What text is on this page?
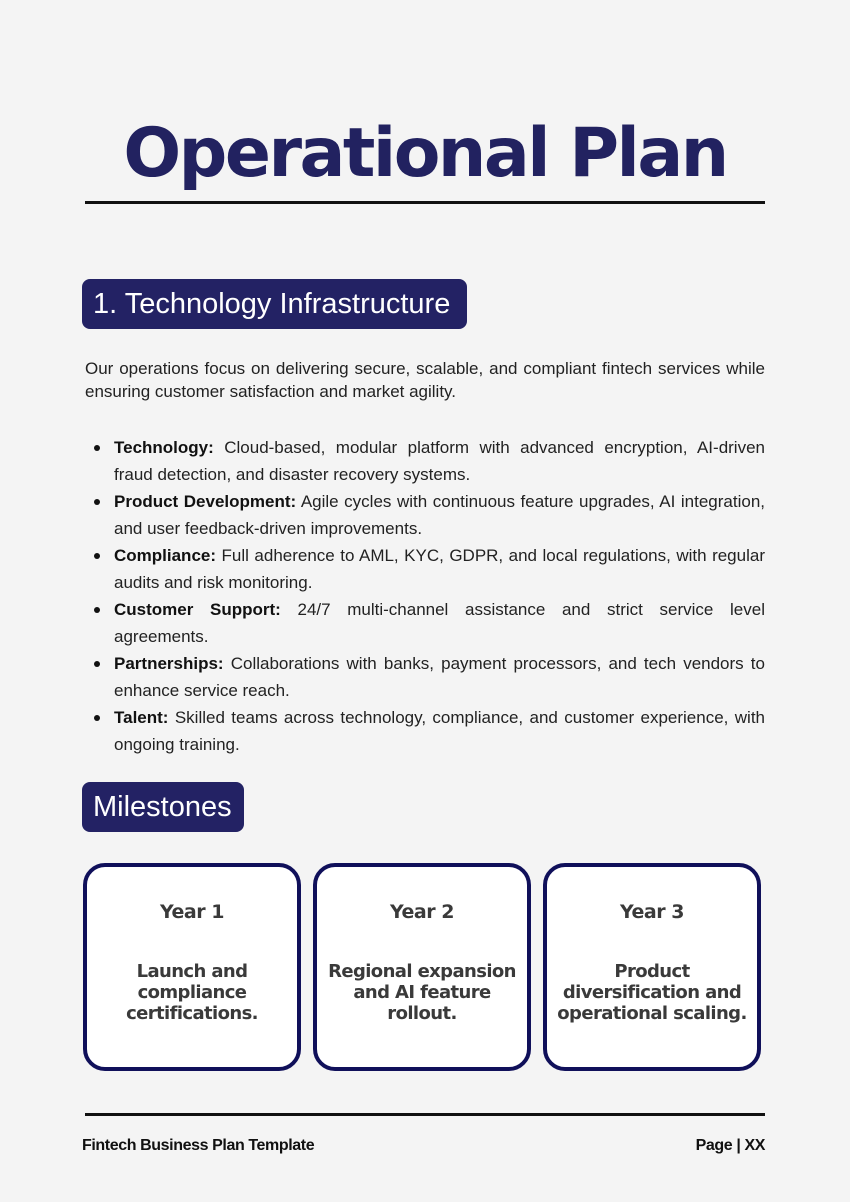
Operational Plan
1. Technology Infrastructure
Our operations focus on delivering secure, scalable, and compliant fintech services while ensuring customer satisfaction and market agility.
Technology: Cloud-based, modular platform with advanced encryption, AI-driven fraud detection, and disaster recovery systems.
Product Development: Agile cycles with continuous feature upgrades, AI integration, and user feedback-driven improvements.
Compliance: Full adherence to AML, KYC, GDPR, and local regulations, with regular audits and risk monitoring.
Customer Support: 24/7 multi-channel assistance and strict service level agreements.
Partnerships: Collaborations with banks, payment processors, and tech vendors to enhance service reach.
Talent: Skilled teams across technology, compliance, and customer experience, with ongoing training.
Milestones
Year 1
Launch and compliance certifications.
Year 2
Regional expansion and AI feature rollout.
Year 3
Product diversification and operational scaling.
Fintech Business Plan Template	Page | XX
